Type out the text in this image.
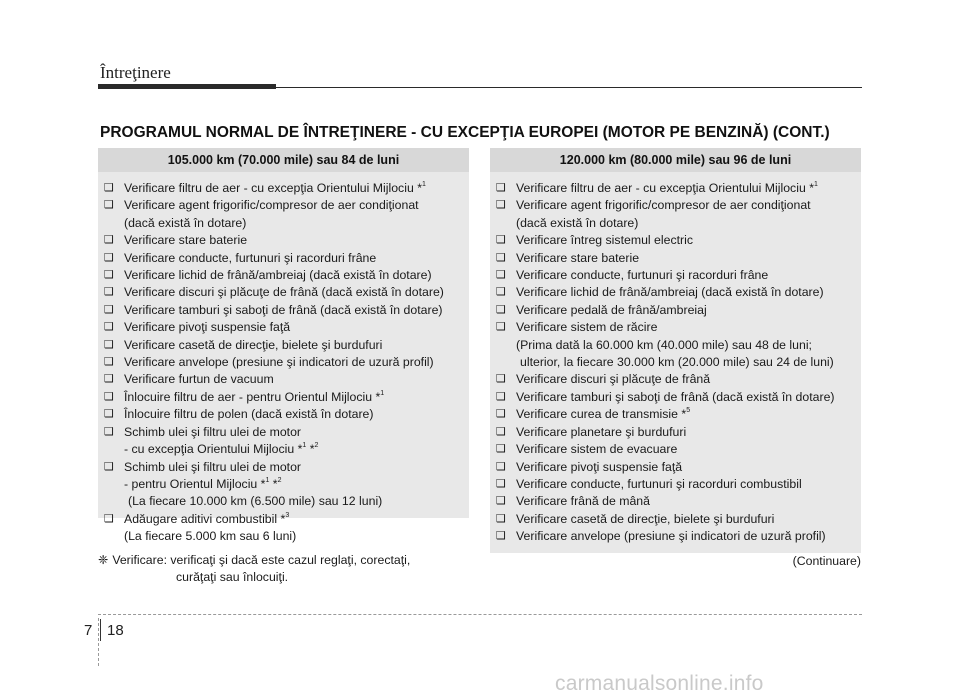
Întreţinere
PROGRAMUL NORMAL DE ÎNTREŢINERE - CU EXCEPŢIA EUROPEI (MOTOR PE BENZINĂ) (CONT.)
105.000 km (70.000 mile) sau 84 de luni
❑ Verificare filtru de aer - cu excepţia Orientului Mijlociu *$^1$
❑ Verificare agent frigorific/compresor de aer condiţionat
(dacă există în dotare)
❑ Verificare stare baterie
❑ Verificare conducte, furtunuri şi racorduri frâne
❑ Verificare lichid de frână/ambreiaj (dacă există în dotare)
❑ Verificare discuri şi plăcuţe de frână (dacă există în dotare)
❑ Verificare tamburi şi saboţi de frână (dacă există în dotare)
❑ Verificare pivoţi suspensie faţă
❑ Verificare casetă de direcţie, bielete şi burdufuri
❑ Verificare anvelope (presiune şi indicatori de uzură profil)
❑ Verificare furtun de vacuum
❑ Înlocuire filtru de aer - pentru Orientul Mijlociu *$^1$
❑ Înlocuire filtru de polen (dacă există în dotare)
❑ Schimb ulei şi filtru ulei de motor
- cu excepţia Orientului Mijlociu *$^1$ *$^2$
❑ Schimb ulei şi filtru ulei de motor
- pentru Orientul Mijlociu *$^1$ *$^2$
(La fiecare 10.000 km (6.500 mile) sau 12 luni)
❑ Adăugare aditivi combustibil *$^3$
(La fiecare 5.000 km sau 6 luni)
120.000 km (80.000 mile) sau 96 de luni
❑ Verificare filtru de aer - cu excepţia Orientului Mijlociu *$^1$
❑ Verificare agent frigorific/compresor de aer condiţionat
(dacă există în dotare)
❑ Verificare întreg sistemul electric
❑ Verificare stare baterie
❑ Verificare conducte, furtunuri şi racorduri frâne
❑ Verificare lichid de frână/ambreiaj (dacă există în dotare)
❑ Verificare pedală de frână/ambreiaj
❑ Verificare sistem de răcire
(Prima dată la 60.000 km (40.000 mile) sau 48 de luni;
ulterior, la fiecare 30.000 km (20.000 mile) sau 24 de luni)
❑ Verificare discuri şi plăcuţe de frână
❑ Verificare tamburi şi saboţi de frână (dacă există în dotare)
❑ Verificare curea de transmisie *$^5$
❑ Verificare planetare şi burdufuri
❑ Verificare sistem de evacuare
❑ Verificare pivoţi suspensie faţă
❑ Verificare conducte, furtunuri şi racorduri combustibil
❑ Verificare frână de mână
❑ Verificare casetă de direcţie, bielete şi burdufuri
❑ Verificare anvelope (presiune şi indicatori de uzură profil)
❈ Verificare: verificaţi şi dacă este cazul reglaţi, corectaţi,
curăţaţi sau înlocuiţi.
(Continuare)
7 18
carmanualsonline.info
